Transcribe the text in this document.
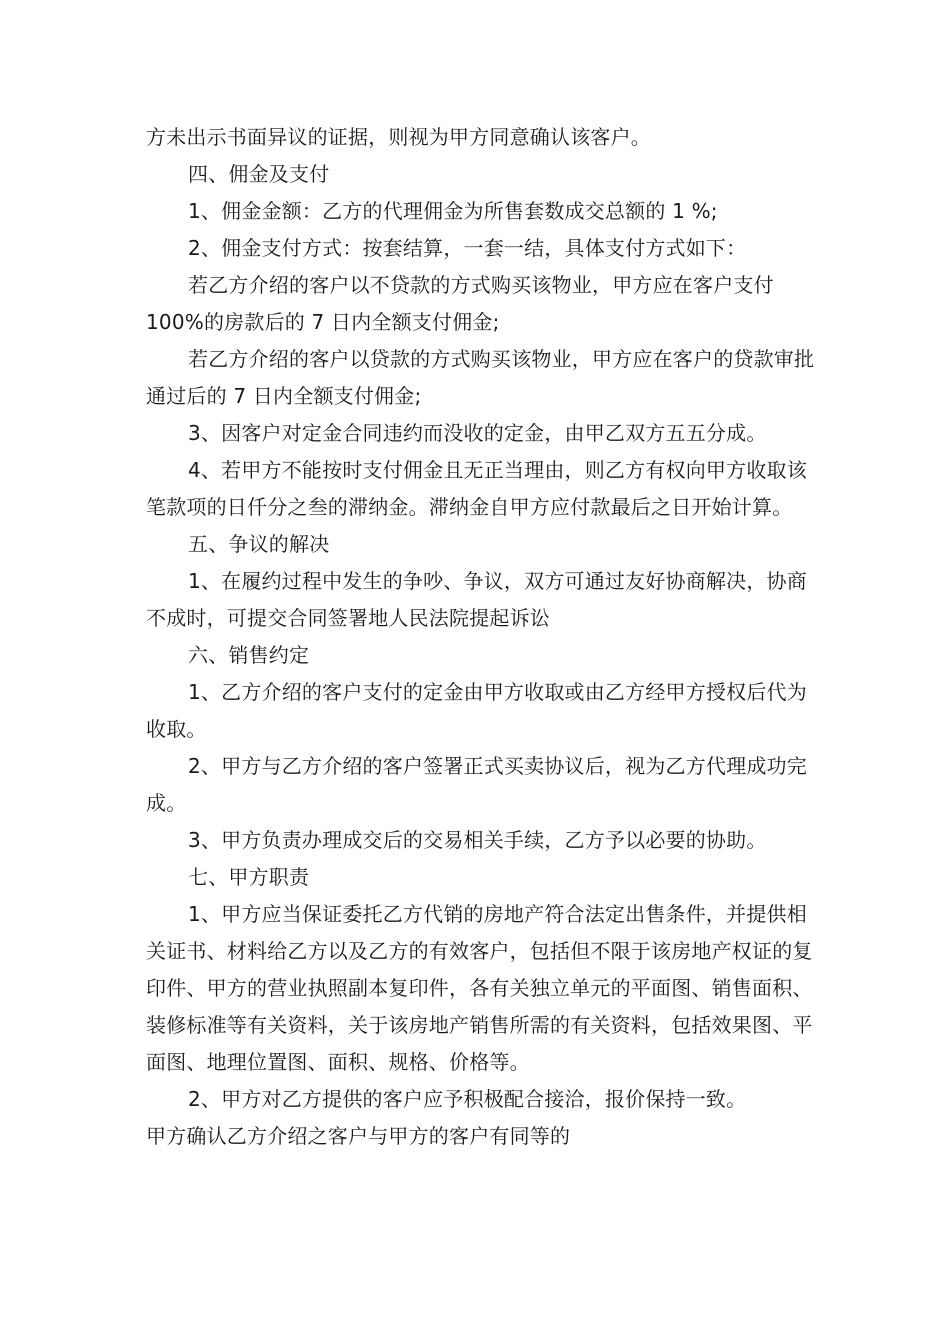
方未出示书面异议的证据，则视为甲方同意确认该客户。

四、佣金及支付

1、佣金金额：乙方的代理佣金为所售套数成交总额的 1 %;

2、佣金支付方式：按套结算，一套一结，具体支付方式如下：

若乙方介绍的客户以不贷款的方式购买该物业，甲方应在客户支付 100%的房款后的 7 日内全额支付佣金;

若乙方介绍的客户以贷款的方式购买该物业，甲方应在客户的贷款审批通过后的 7 日内全额支付佣金;

3、因客户对定金合同违约而没收的定金，由甲乙双方五五分成。

4、若甲方不能按时支付佣金且无正当理由，则乙方有权向甲方收取该笔款项的日仟分之叁的滞纳金。滞纳金自甲方应付款最后之日开始计算。

五、争议的解决

1、在履约过程中发生的争吵、争议，双方可通过友好协商解决，协商不成时，可提交合同签署地人民法院提起诉讼

六、销售约定

1、乙方介绍的客户支付的定金由甲方收取或由乙方经甲方授权后代为收取。

2、甲方与乙方介绍的客户签署正式买卖协议后，视为乙方代理成功完成。

3、甲方负责办理成交后的交易相关手续，乙方予以必要的协助。

七、甲方职责

1、甲方应当保证委托乙方代销的房地产符合法定出售条件，并提供相关证书、材料给乙方以及乙方的有效客户，包括但不限于该房地产权证的复印件、甲方的营业执照副本复印件，各有关独立单元的平面图、销售面积、装修标准等有关资料，关于该房地产销售所需的有关资料，包括效果图、平面图、地理位置图、面积、规格、价格等。

2、甲方对乙方提供的客户应予积极配合接洽，报价保持一致。

甲方确认乙方介绍之客户与甲方的客户有同等的
